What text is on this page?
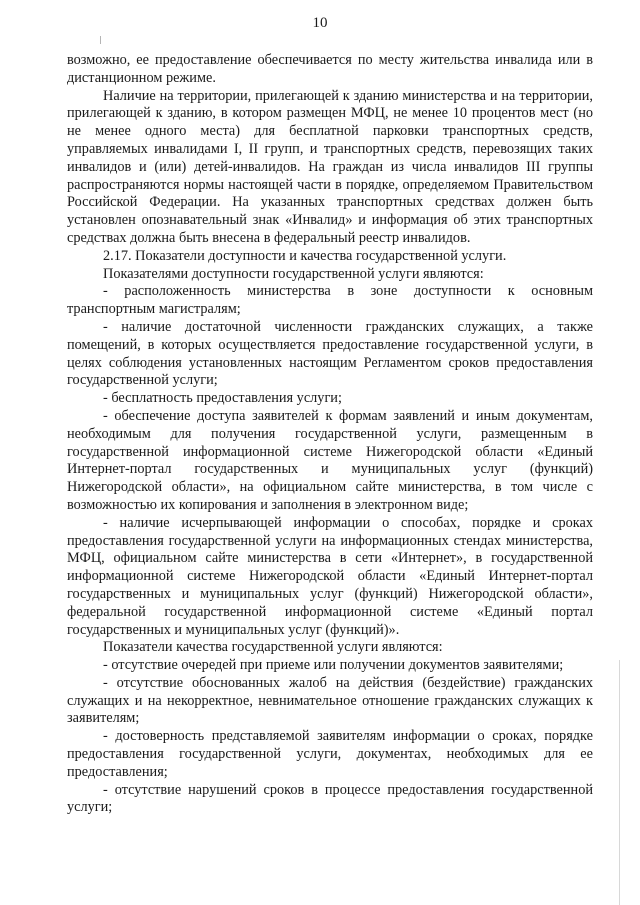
10

возможно, ее предоставление обеспечивается по месту жительства инвалида или в дистанционном режиме.

Наличие на территории, прилегающей к зданию министерства и на территории, прилегающей к зданию, в котором размещен МФЦ, не менее 10 процентов мест (но не менее одного места) для бесплатной парковки транспортных средств, управляемых инвалидами I, II групп, и транспортных средств, перевозящих таких инвалидов и (или) детей-инвалидов. На граждан из числа инвалидов III группы распространяются нормы настоящей части в порядке, определяемом Правительством Российской Федерации. На указанных транспортных средствах должен быть установлен опознавательный знак «Инвалид» и информация об этих транспортных средствах должна быть внесена в федеральный реестр инвалидов.

2.17. Показатели доступности и качества государственной услуги.

Показателями доступности государственной услуги являются:

- расположенность министерства в зоне доступности к основным транспортным магистралям;

- наличие достаточной численности гражданских служащих, а также помещений, в которых осуществляется предоставление государственной услуги, в целях соблюдения установленных настоящим Регламентом сроков предоставления государственной услуги;

- бесплатность предоставления услуги;

- обеспечение доступа заявителей к формам заявлений и иным документам, необходимым для получения государственной услуги, размещенным в государственной информационной системе Нижегородской области «Единый Интернет-портал государственных и муниципальных услуг (функций) Нижегородской области», на официальном сайте министерства, в том числе с возможностью их копирования и заполнения в электронном виде;

- наличие исчерпывающей информации о способах, порядке и сроках предоставления государственной услуги на информационных стендах министерства, МФЦ, официальном сайте министерства в сети «Интернет», в государственной информационной системе Нижегородской области «Единый Интернет-портал государственных и муниципальных услуг (функций) Нижегородской области», федеральной государственной информационной системе «Единый портал государственных и муниципальных услуг (функций)».

Показатели качества государственной услуги являются:

- отсутствие очередей при приеме или получении документов заявителями;

- отсутствие обоснованных жалоб на действия (бездействие) гражданских служащих и на некорректное, невнимательное отношение гражданских служащих к заявителям;

- достоверность представляемой заявителям информации о сроках, порядке предоставления государственной услуги, документах, необходимых для ее предоставления;

- отсутствие нарушений сроков в процессе предоставления государственной услуги;
